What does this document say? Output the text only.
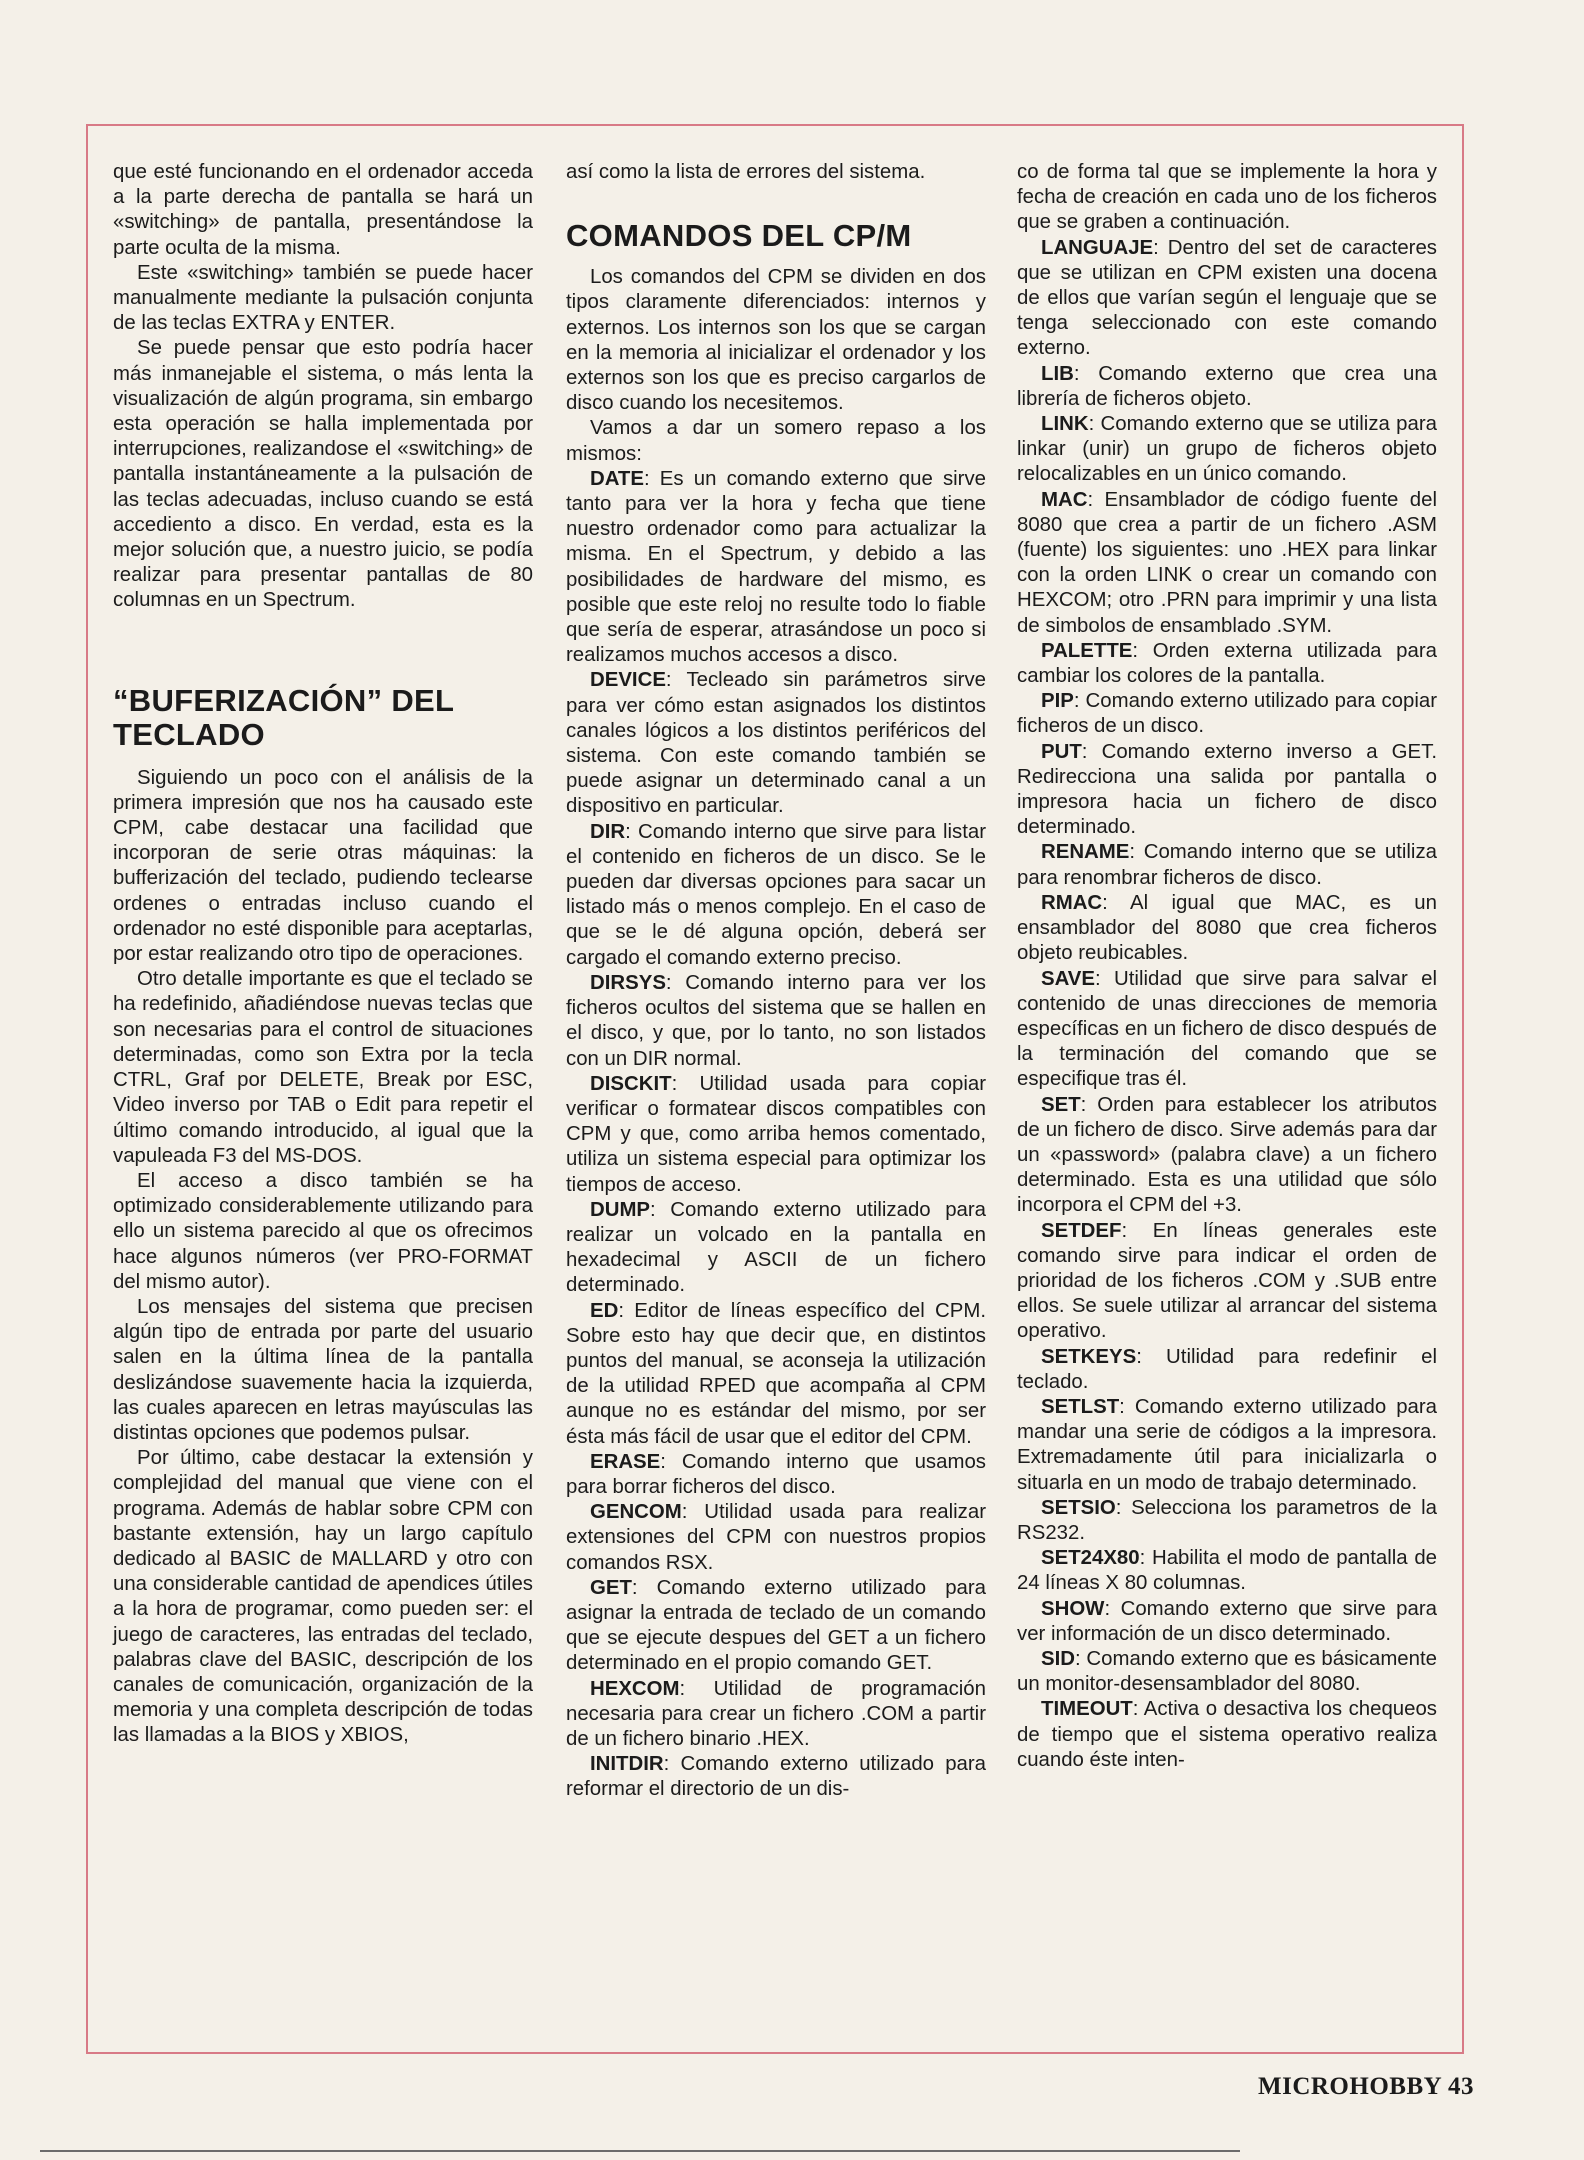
que esté funcionando en el ordenador acceda a la parte derecha de pantalla se hará un «switching» de pantalla, presentándose la parte oculta de la misma.

Este «switching» también se puede hacer manualmente mediante la pulsación conjunta de las teclas EXTRA y ENTER.

Se puede pensar que esto podría hacer más inmanejable el sistema, o más lenta la visualización de algún programa, sin embargo esta operación se halla implementada por interrupciones, realizandose el «switching» de pantalla instantáneamente a la pulsación de las teclas adecuadas, incluso cuando se está accediento a disco. En verdad, esta es la mejor solución que, a nuestro juicio, se podía realizar para presentar pantallas de 80 columnas en un Spectrum.

“BUFERIZACIÓN” DEL TECLADO

Siguiendo un poco con el análisis de la primera impresión que nos ha causado este CPM, cabe destacar una facilidad que incorporan de serie otras máquinas: la bufferización del teclado, pudiendo teclearse ordenes o entradas incluso cuando el ordenador no esté disponible para aceptarlas, por estar realizando otro tipo de operaciones.

Otro detalle importante es que el teclado se ha redefinido, añadiéndose nuevas teclas que son necesarias para el control de situaciones determinadas, como son Extra por la tecla CTRL, Graf por DELETE, Break por ESC, Video inverso por TAB o Edit para repetir el último comando introducido, al igual que la vapuleada F3 del MS-DOS.

El acceso a disco también se ha optimizado considerablemente utilizando para ello un sistema parecido al que os ofrecimos hace algunos números (ver PRO-FORMAT del mismo autor).

Los mensajes del sistema que precisen algún tipo de entrada por parte del usuario salen en la última línea de la pantalla deslizándose suavemente hacia la izquierda, las cuales aparecen en letras mayúsculas las distintas opciones que podemos pulsar.

Por último, cabe destacar la extensión y complejidad del manual que viene con el programa. Además de hablar sobre CPM con bastante extensión, hay un largo capítulo dedicado al BASIC de MALLARD y otro con una considerable cantidad de apendices útiles a la hora de programar, como pueden ser: el juego de caracteres, las entradas del teclado, palabras clave del BASIC, descripción de los canales de comunicación, organización de la memoria y una completa descripción de todas las llamadas a la BIOS y XBIOS,

así como la lista de errores del sistema.

COMANDOS DEL CP/M

Los comandos del CPM se dividen en dos tipos claramente diferenciados: internos y externos. Los internos son los que se cargan en la memoria al inicializar el ordenador y los externos son los que es preciso cargarlos de disco cuando los necesitemos.

Vamos a dar un somero repaso a los mismos:

DATE: Es un comando externo que sirve tanto para ver la hora y fecha que tiene nuestro ordenador como para actualizar la misma. En el Spectrum, y debido a las posibilidades de hardware del mismo, es posible que este reloj no resulte todo lo fiable que sería de esperar, atrasándose un poco si realizamos muchos accesos a disco.

DEVICE: Tecleado sin parámetros sirve para ver cómo estan asignados los distintos canales lógicos a los distintos periféricos del sistema. Con este comando también se puede asignar un determinado canal a un dispositivo en particular.

DIR: Comando interno que sirve para listar el contenido en ficheros de un disco. Se le pueden dar diversas opciones para sacar un listado más o menos complejo. En el caso de que se le dé alguna opción, deberá ser cargado el comando externo preciso.

DIRSYS: Comando interno para ver los ficheros ocultos del sistema que se hallen en el disco, y que, por lo tanto, no son listados con un DIR normal.

DISCKIT: Utilidad usada para copiar verificar o formatear discos compatibles con CPM y que, como arriba hemos comentado, utiliza un sistema especial para optimizar los tiempos de acceso.

DUMP: Comando externo utilizado para realizar un volcado en la pantalla en hexadecimal y ASCII de un fichero determinado.

ED: Editor de líneas específico del CPM. Sobre esto hay que decir que, en distintos puntos del manual, se aconseja la utilización de la utilidad RPED que acompaña al CPM aunque no es estándar del mismo, por ser ésta más fácil de usar que el editor del CPM.

ERASE: Comando interno que usamos para borrar ficheros del disco.

GENCOM: Utilidad usada para realizar extensiones del CPM con nuestros propios comandos RSX.

GET: Comando externo utilizado para asignar la entrada de teclado de un comando que se ejecute despues del GET a un fichero determinado en el propio comando GET.

HEXCOM: Utilidad de programación necesaria para crear un fichero .COM a partir de un fichero binario .HEX.

INITDIR: Comando externo utilizado para reformar el directorio de un dis-

co de forma tal que se implemente la hora y fecha de creación en cada uno de los ficheros que se graben a continuación.

LANGUAJE: Dentro del set de caracteres que se utilizan en CPM existen una docena de ellos que varían según el lenguaje que se tenga seleccionado con este comando externo.

LIB: Comando externo que crea una librería de ficheros objeto.

LINK: Comando externo que se utiliza para linkar (unir) un grupo de ficheros objeto relocalizables en un único comando.

MAC: Ensamblador de código fuente del 8080 que crea a partir de un fichero .ASM (fuente) los siguientes: uno .HEX para linkar con la orden LINK o crear un comando con HEXCOM; otro .PRN para imprimir y una lista de simbolos de ensamblado .SYM.

PALETTE: Orden externa utilizada para cambiar los colores de la pantalla.

PIP: Comando externo utilizado para copiar ficheros de un disco.

PUT: Comando externo inverso a GET. Redirecciona una salida por pantalla o impresora hacia un fichero de disco determinado.

RENAME: Comando interno que se utiliza para renombrar ficheros de disco.

RMAC: Al igual que MAC, es un ensamblador del 8080 que crea ficheros objeto reubicables.

SAVE: Utilidad que sirve para salvar el contenido de unas direcciones de memoria específicas en un fichero de disco después de la terminación del comando que se especifique tras él.

SET: Orden para establecer los atributos de un fichero de disco. Sirve además para dar un «password» (palabra clave) a un fichero determinado. Esta es una utilidad que sólo incorpora el CPM del +3.

SETDEF: En líneas generales este comando sirve para indicar el orden de prioridad de los ficheros .COM y .SUB entre ellos. Se suele utilizar al arrancar del sistema operativo.

SETKEYS: Utilidad para redefinir el teclado.

SETLST: Comando externo utilizado para mandar una serie de códigos a la impresora. Extremadamente útil para inicializarla o situarla en un modo de trabajo determinado.

SETSIO: Selecciona los parametros de la RS232.

SET24X80: Habilita el modo de pantalla de 24 líneas X 80 columnas.

SHOW: Comando externo que sirve para ver información de un disco determinado.

SID: Comando externo que es básicamente un monitor-desensamblador del 8080.

TIMEOUT: Activa o desactiva los chequeos de tiempo que el sistema operativo realiza cuando éste inten-

MICROHOBBY 43
